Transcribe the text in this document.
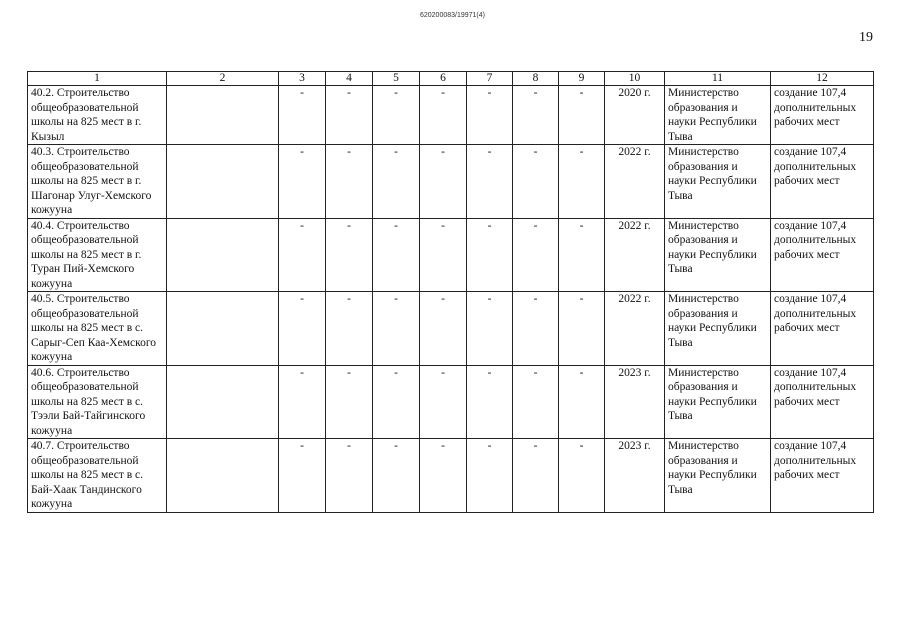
620200083/19971(4)
19
1	2	3	4	5	6	7	8	9	10	11	12
40.2. Строительство общеобразовательной школы на 825 мест в г. Кызыл		-	-	-	-	-	-	-	2020 г.	Министерство образования и науки Республики Тыва	создание 107,4 дополнительных рабочих мест
40.3. Строительство общеобразовательной школы на 825 мест в г. Шагонар Улуг-Хемского кожууна		-	-	-	-	-	-	-	2022 г.	Министерство образования и науки Республики Тыва	создание 107,4 дополнительных рабочих мест
40.4. Строительство общеобразовательной школы на 825 мест в г. Туран Пий-Хемского кожууна		-	-	-	-	-	-	-	2022 г.	Министерство образования и науки Республики Тыва	создание 107,4 дополнительных рабочих мест
40.5. Строительство общеобразовательной школы на 825 мест в с. Сарыг-Сеп Каа-Хемского кожууна		-	-	-	-	-	-	-	2022 г.	Министерство образования и науки Республики Тыва	создание 107,4 дополнительных рабочих мест
40.6. Строительство общеобразовательной школы на 825 мест в с. Тээли Бай-Тайгинского кожууна		-	-	-	-	-	-	-	2023 г.	Министерство образования и науки Республики Тыва	создание 107,4 дополнительных рабочих мест
40.7. Строительство общеобразовательной школы на 825 мест в с. Бай-Хаак Тандинского кожууна		-	-	-	-	-	-	-	2023 г.	Министерство образования и науки Республики Тыва	создание 107,4 дополнительных рабочих мест
